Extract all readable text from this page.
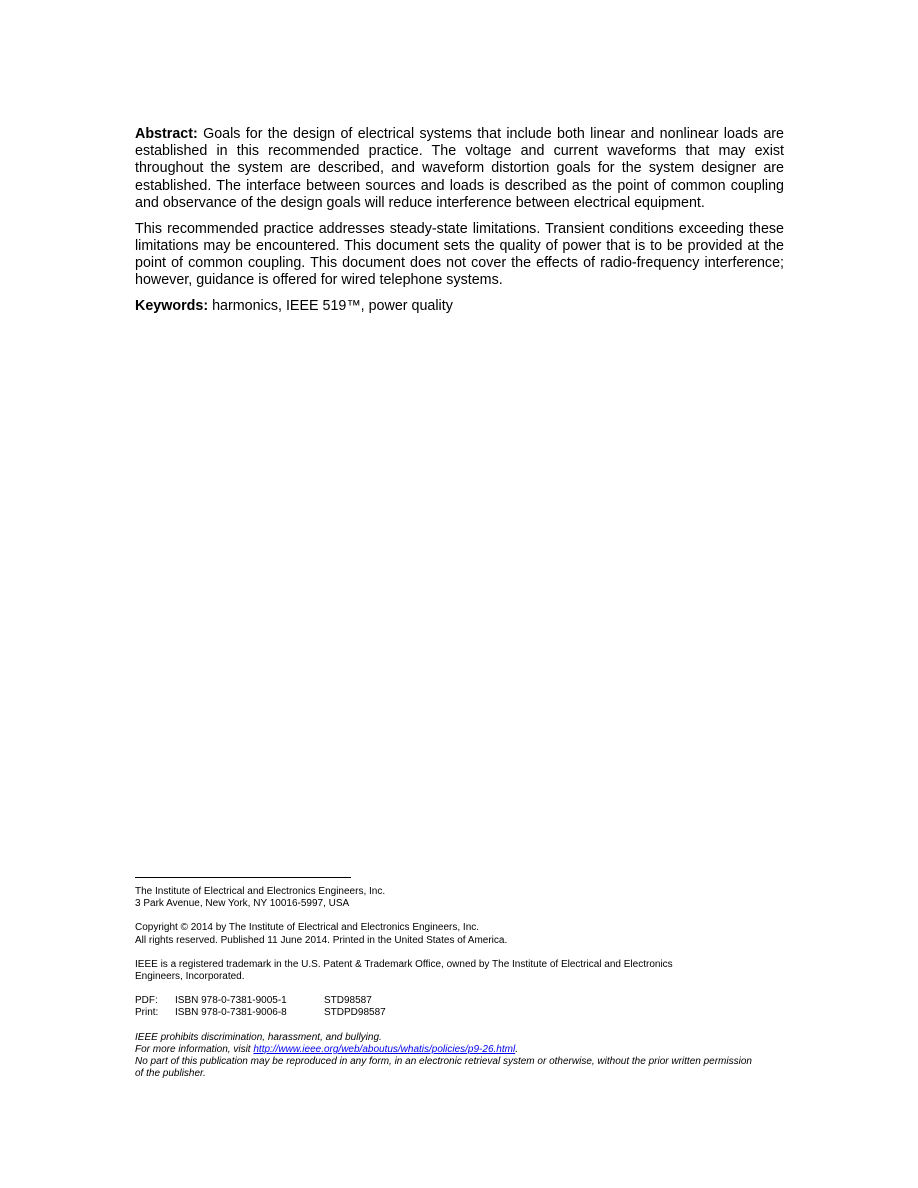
Abstract: Goals for the design of electrical systems that include both linear and nonlinear loads are established in this recommended practice. The voltage and current waveforms that may exist throughout the system are described, and waveform distortion goals for the system designer are established. The interface between sources and loads is described as the point of common coupling and observance of the design goals will reduce interference between electrical equipment.

This recommended practice addresses steady-state limitations. Transient conditions exceeding these limitations may be encountered. This document sets the quality of power that is to be provided at the point of common coupling. This document does not cover the effects of radio-frequency interference; however, guidance is offered for wired telephone systems.

Keywords: harmonics, IEEE 519™, power quality

The Institute of Electrical and Electronics Engineers, Inc.
3 Park Avenue, New York, NY 10016-5997, USA
Copyright © 2014 by The Institute of Electrical and Electronics Engineers, Inc.
All rights reserved. Published 11 June 2014. Printed in the United States of America.
IEEE is a registered trademark in the U.S. Patent & Trademark Office, owned by The Institute of Electrical and Electronics
Engineers, Incorporated.
PDF:	ISBN 978-0-7381-9005-1	STD98587
Print:	ISBN 978-0-7381-9006-8	STDPD98587
IEEE prohibits discrimination, harassment, and bullying.
For more information, visit http://www.ieee.org/web/aboutus/whatis/policies/p9-26.html.
No part of this publication may be reproduced in any form, in an electronic retrieval system or otherwise, without the prior written permission
of the publisher.
